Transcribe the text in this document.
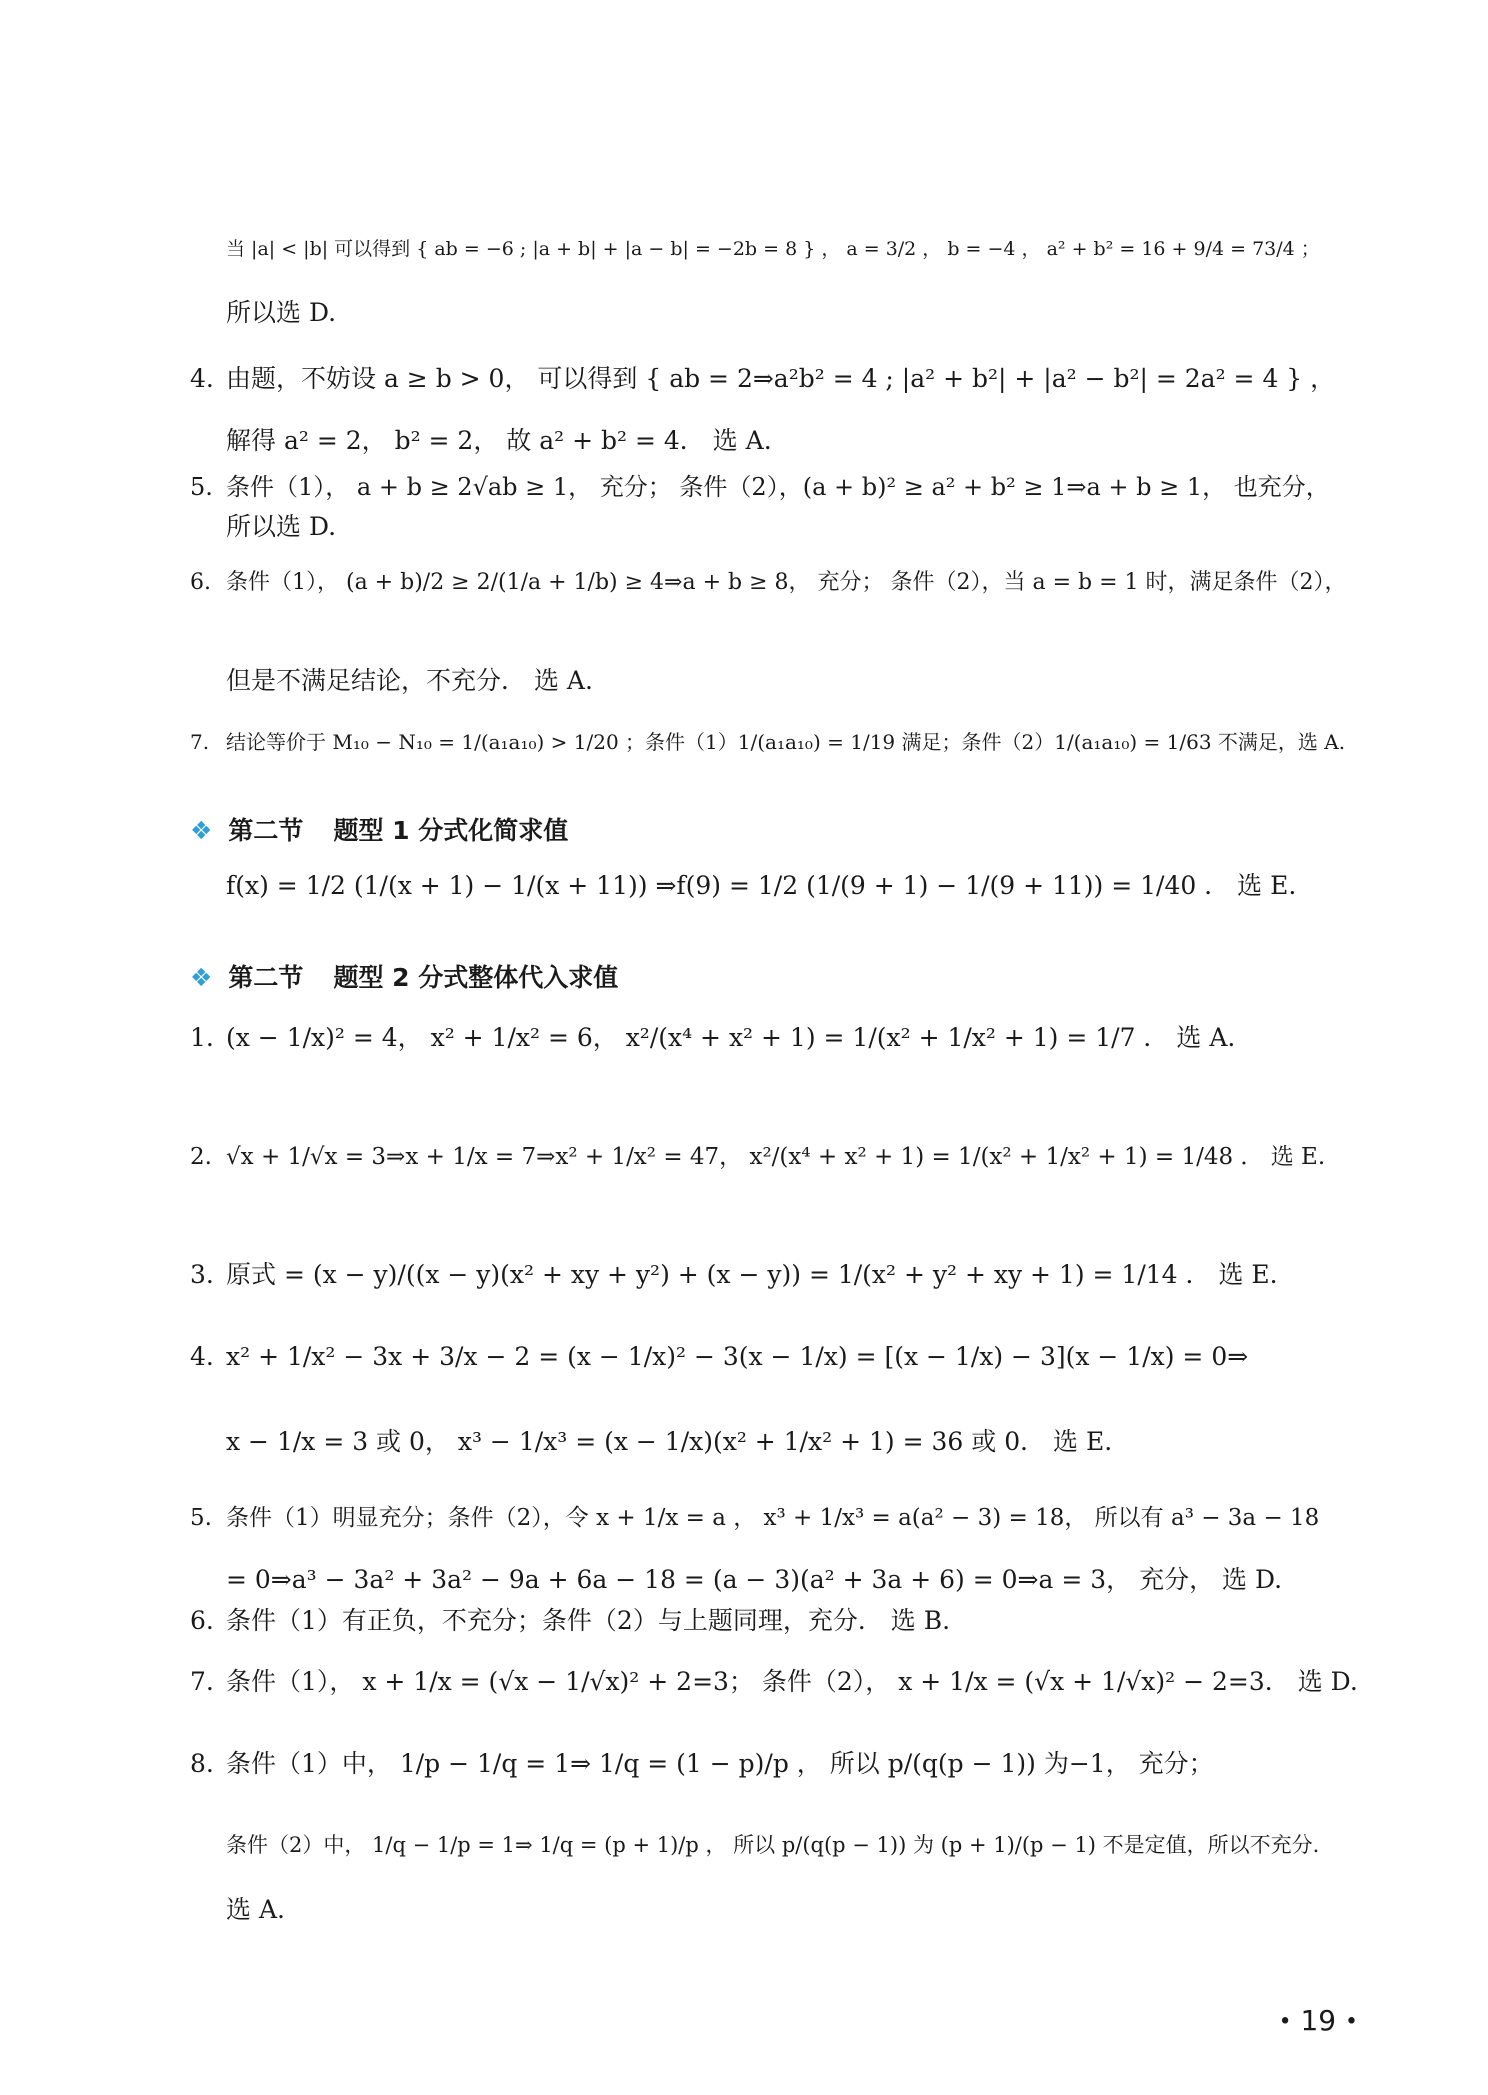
当 |a| < |b| 可以得到 { ab = −6 ; |a + b| + |a − b| = −2b = 8 } ， a = 3/2 ， b = −4 ， a² + b² = 16 + 9/4 = 73/4 ；
所以选 D.
4. 由题，不妨设 a ≥ b > 0， 可以得到 { ab = 2⇒a²b² = 4 ; |a² + b²| + |a² − b²| = 2a² = 4 } ，
解得 a² = 2， b² = 2， 故 a² + b² = 4． 选 A.
5. 条件（1）， a + b ≥ 2√ab ≥ 1， 充分； 条件（2），(a + b)² ≥ a² + b² ≥ 1⇒a + b ≥ 1， 也充分，
所以选 D.
6. 条件（1）， (a + b)/2 ≥ 2/(1/a + 1/b) ≥ 4⇒a + b ≥ 8， 充分； 条件（2），当 a = b = 1 时，满足条件（2），
但是不满足结论，不充分． 选 A.
7. 结论等价于 M₁₀ − N₁₀ = 1/(a₁a₁₀) > 1/20 ；条件（1）1/(a₁a₁₀) = 1/19 满足；条件（2）1/(a₁a₁₀) = 1/63 不满足，选 A.
❖ 第二节 题型 1 分式化简求值
f(x) = 1/2 (1/(x + 1) − 1/(x + 11)) ⇒f(9) = 1/2 (1/(9 + 1) − 1/(9 + 11)) = 1/40 ． 选 E.
❖ 第二节 题型 2 分式整体代入求值
1. (x − 1/x)² = 4， x² + 1/x² = 6， x²/(x⁴ + x² + 1) = 1/(x² + 1/x² + 1) = 1/7 ． 选 A.
2. √x + 1/√x = 3⇒x + 1/x = 7⇒x² + 1/x² = 47， x²/(x⁴ + x² + 1) = 1/(x² + 1/x² + 1) = 1/48 ． 选 E.
3. 原式 = (x − y)/((x − y)(x² + xy + y²) + (x − y)) = 1/(x² + y² + xy + 1) = 1/14 ． 选 E.
4. x² + 1/x² − 3x + 3/x − 2 = (x − 1/x)² − 3(x − 1/x) = [(x − 1/x) − 3](x − 1/x) = 0⇒
x − 1/x = 3 或 0， x³ − 1/x³ = (x − 1/x)(x² + 1/x² + 1) = 36 或 0． 选 E.
5. 条件（1）明显充分；条件（2），令 x + 1/x = a ， x³ + 1/x³ = a(a² − 3) = 18， 所以有 a³ − 3a − 18
= 0⇒a³ − 3a² + 3a² − 9a + 6a − 18 = (a − 3)(a² + 3a + 6) = 0⇒a = 3， 充分， 选 D.
6. 条件（1）有正负，不充分；条件（2）与上题同理，充分． 选 B.
7. 条件（1）， x + 1/x = (√x − 1/√x)² + 2=3； 条件（2）， x + 1/x = (√x + 1/√x)² − 2=3． 选 D.
8. 条件（1）中， 1/p − 1/q = 1⇒ 1/q = (1 − p)/p ， 所以 p/(q(p − 1)) 为−1， 充分；
条件（2）中， 1/q − 1/p = 1⇒ 1/q = (p + 1)/p ， 所以 p/(q(p − 1)) 为 (p + 1)/(p − 1) 不是定值，所以不充分.
选 A.
• 19 •
